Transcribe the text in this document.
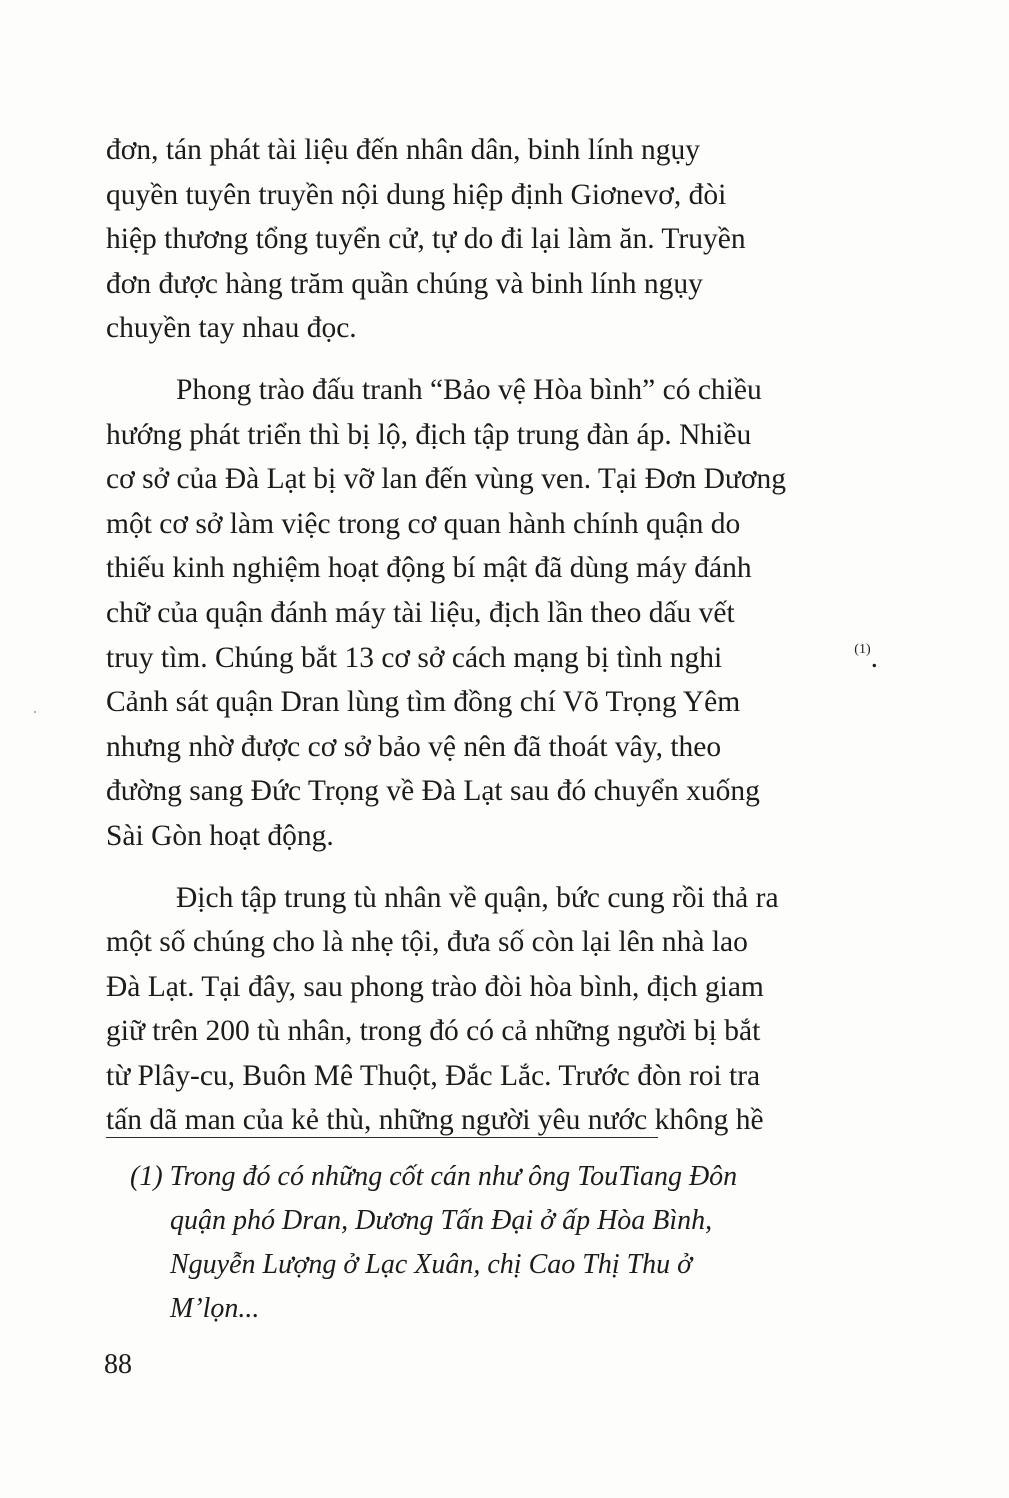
đơn, tán phát tài liệu đến nhân dân, binh lính ngụy
quyền tuyên truyền nội dung hiệp định Giơnevơ, đòi
hiệp thương tổng tuyển cử, tự do đi lại làm ăn. Truyền
đơn được hàng trăm quần chúng và binh lính ngụy
chuyền tay nhau đọc.
Phong trào đấu tranh “Bảo vệ Hòa bình” có chiều
hướng phát triển thì bị lộ, địch tập trung đàn áp. Nhiều
cơ sở của Đà Lạt bị vỡ lan đến vùng ven. Tại Đơn Dương
một cơ sở làm việc trong cơ quan hành chính quận do
thiếu kinh nghiệm hoạt động bí mật đã dùng máy đánh
chữ của quận đánh máy tài liệu, địch lần theo dấu vết
truy tìm. Chúng bắt 13 cơ sở cách mạng bị tình nghi	$^{(1)}$.
Cảnh sát quận Dran lùng tìm đồng chí Võ Trọng Yêm
nhưng nhờ được cơ sở bảo vệ nên đã thoát vây, theo
đường sang Đức Trọng về Đà Lạt sau đó chuyển xuống
Sài Gòn hoạt động.
Địch tập trung tù nhân về quận, bức cung rồi thả ra
một số chúng cho là nhẹ tội, đưa số còn lại lên nhà lao
Đà Lạt. Tại đây, sau phong trào đòi hòa bình, địch giam
giữ trên 200 tù nhân, trong đó có cả những người bị bắt
từ Plây-cu, Buôn Mê Thuột, Đắc Lắc. Trước đòn roi tra
tấn dã man của kẻ thù, những người yêu nước không hề
(1) Trong đó có những cốt cán như ông TouTiang Đôn
quận phó Dran, Dương Tấn Đại ở ấp Hòa Bình,
Nguyễn Lượng ở Lạc Xuân, chị Cao Thị Thu ở
M’lọn...
88
